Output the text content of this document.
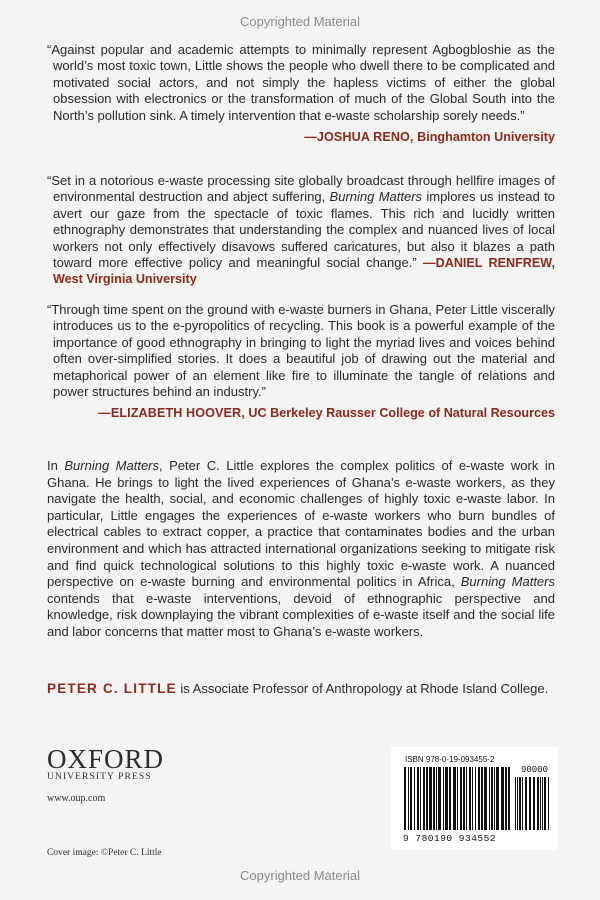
Copyrighted Material

“Against popular and academic attempts to minimally represent Agbogbloshie as the world’s most toxic town, Little shows the people who dwell there to be complicated and motivated social actors, and not simply the hapless victims of either the global obsession with electronics or the transformation of much of the Global South into the North’s pollution sink. A timely intervention that e-waste scholarship sorely needs.”

—JOSHUA RENO, Binghamton University

“Set in a notorious e-waste processing site globally broadcast through hellfire images of environmental destruction and abject suffering, Burning Matters implores us instead to avert our gaze from the spectacle of toxic flames. This rich and lucidly written ethnography demonstrates that understanding the complex and nuanced lives of local workers not only effectively disavows suffered caricatures, but also it blazes a path toward more effective policy and meaningful social change.” —DANIEL RENFREW, West Virginia University

“Through time spent on the ground with e-waste burners in Ghana, Peter Little viscerally introduces us to the e-pyropolitics of recycling. This book is a powerful example of the importance of good ethnography in bringing to light the myriad lives and voices behind often over-simplified stories. It does a beautiful job of drawing out the material and metaphorical power of an element like fire to illuminate the tangle of relations and power structures behind an industry.”

—ELIZABETH HOOVER, UC Berkeley Rausser College of Natural Resources

In Burning Matters, Peter C. Little explores the complex politics of e-waste work in Ghana. He brings to light the lived experiences of Ghana’s e-waste workers, as they navigate the health, social, and economic challenges of highly toxic e-waste labor. In particular, Little engages the experiences of e-waste workers who burn bundles of electrical cables to extract copper, a practice that contaminates bodies and the urban environment and which has attracted international organizations seeking to mitigate risk and find quick technological solutions to this highly toxic e-waste work. A nuanced perspective on e-waste burning and environmental politics in Africa, Burning Matters contends that e-waste interventions, devoid of ethnographic perspective and knowledge, risk downplaying the vibrant complexities of e-waste itself and the social life and labor concerns that matter most to Ghana’s e-waste workers.

PETER C. LITTLE is Associate Professor of Anthropology at Rhode Island College.
OXFORD
UNIVERSITY PRESS
www.oup.com
Cover image: ©Peter C. Little
ISBN 978-0-19-093455-2
90000
9 780190 934552
Copyrighted Material
